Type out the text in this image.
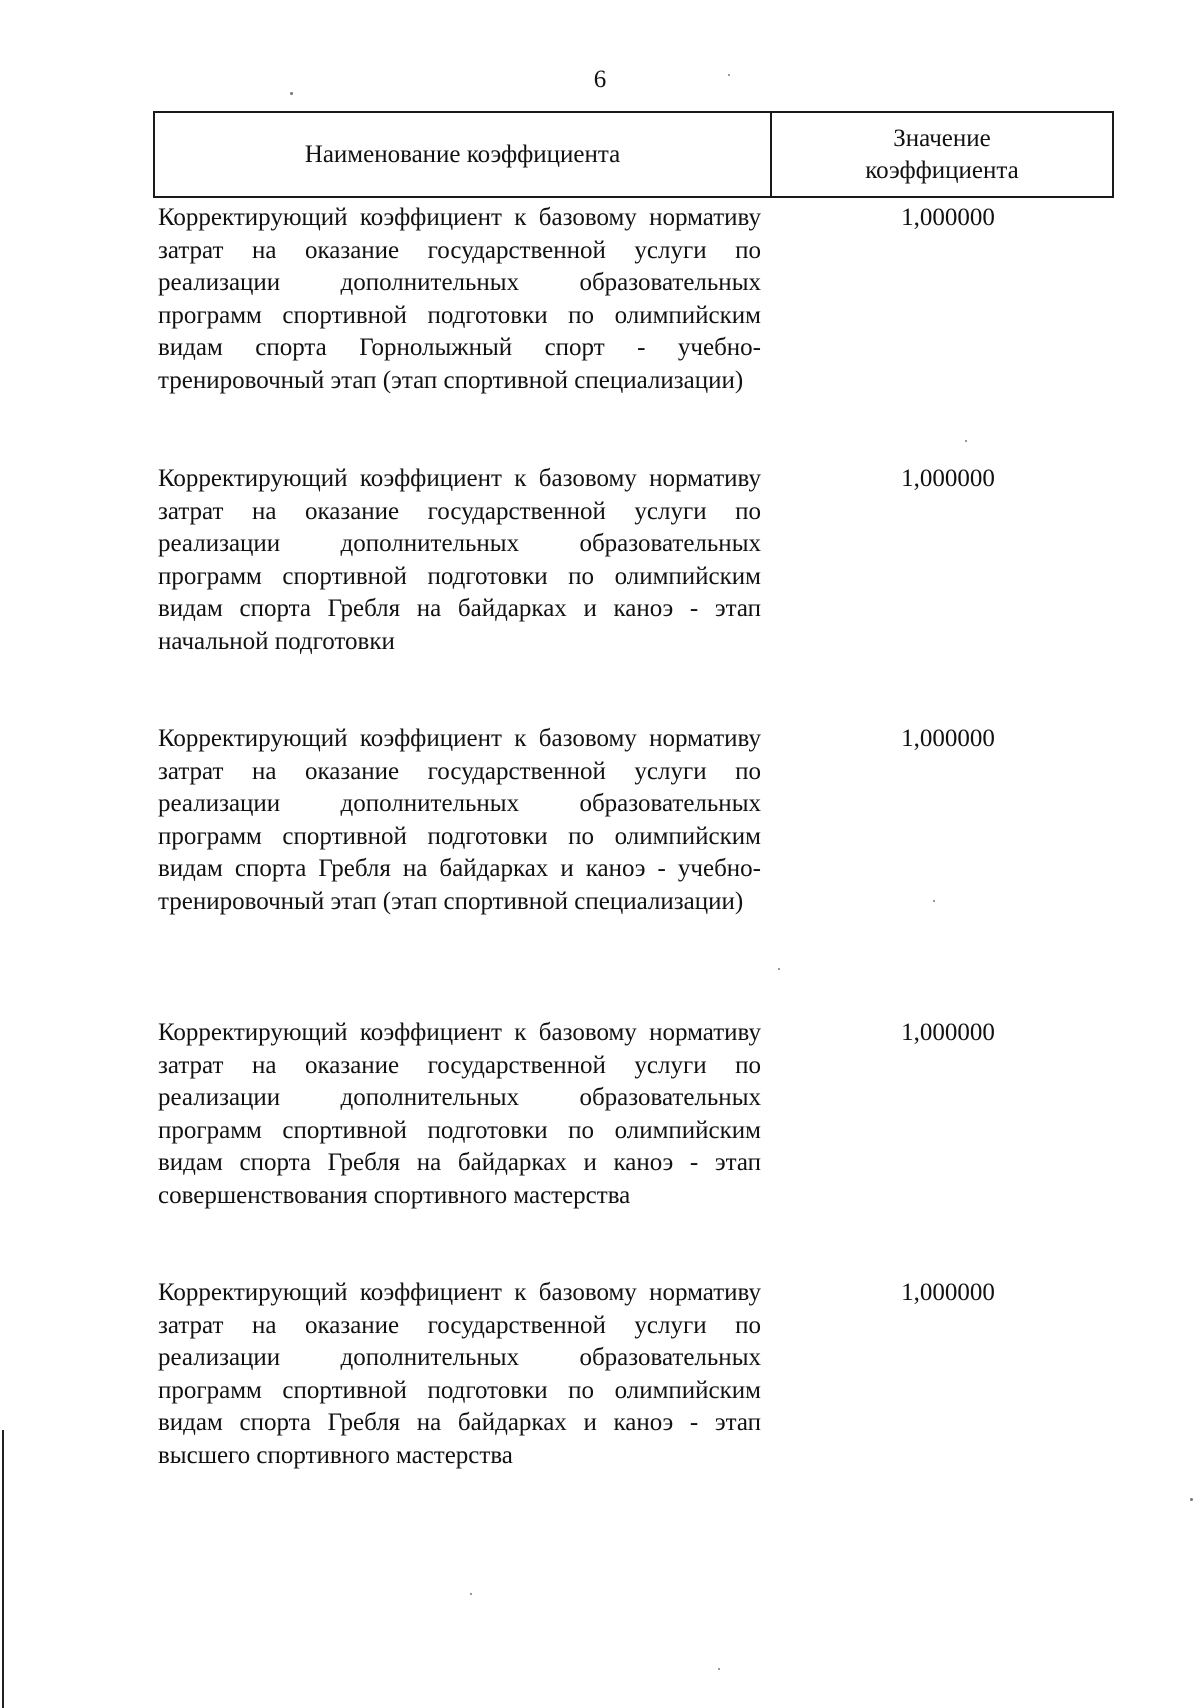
6
Наименование коэффициента
Значение
коэффициента
Корректирующий коэффициент к базовому нормативу затрат на оказание государственной услуги по реализации дополнительных образовательных программ спортивной подготовки по олимпийским видам спорта Горнолыжный спорт - учебно-тренировочный этап (этап спортивной специализации)
1,000000
Корректирующий коэффициент к базовому нормативу затрат на оказание государственной услуги по реализации дополнительных образовательных программ спортивной подготовки по олимпийским видам спорта Гребля на байдарках и каноэ - этап начальной подготовки
1,000000
Корректирующий коэффициент к базовому нормативу затрат на оказание государственной услуги по реализации дополнительных образовательных программ спортивной подготовки по олимпийским видам спорта Гребля на байдарках и каноэ - учебно-тренировочный этап (этап спортивной специализации)
1,000000
Корректирующий коэффициент к базовому нормативу затрат на оказание государственной услуги по реализации дополнительных образовательных программ спортивной подготовки по олимпийским видам спорта Гребля на байдарках и каноэ - этап совершенствования спортивного мастерства
1,000000
Корректирующий коэффициент к базовому нормативу затрат на оказание государственной услуги по реализации дополнительных образовательных программ спортивной подготовки по олимпийским видам спорта Гребля на байдарках и каноэ - этап высшего спортивного мастерства
1,000000
